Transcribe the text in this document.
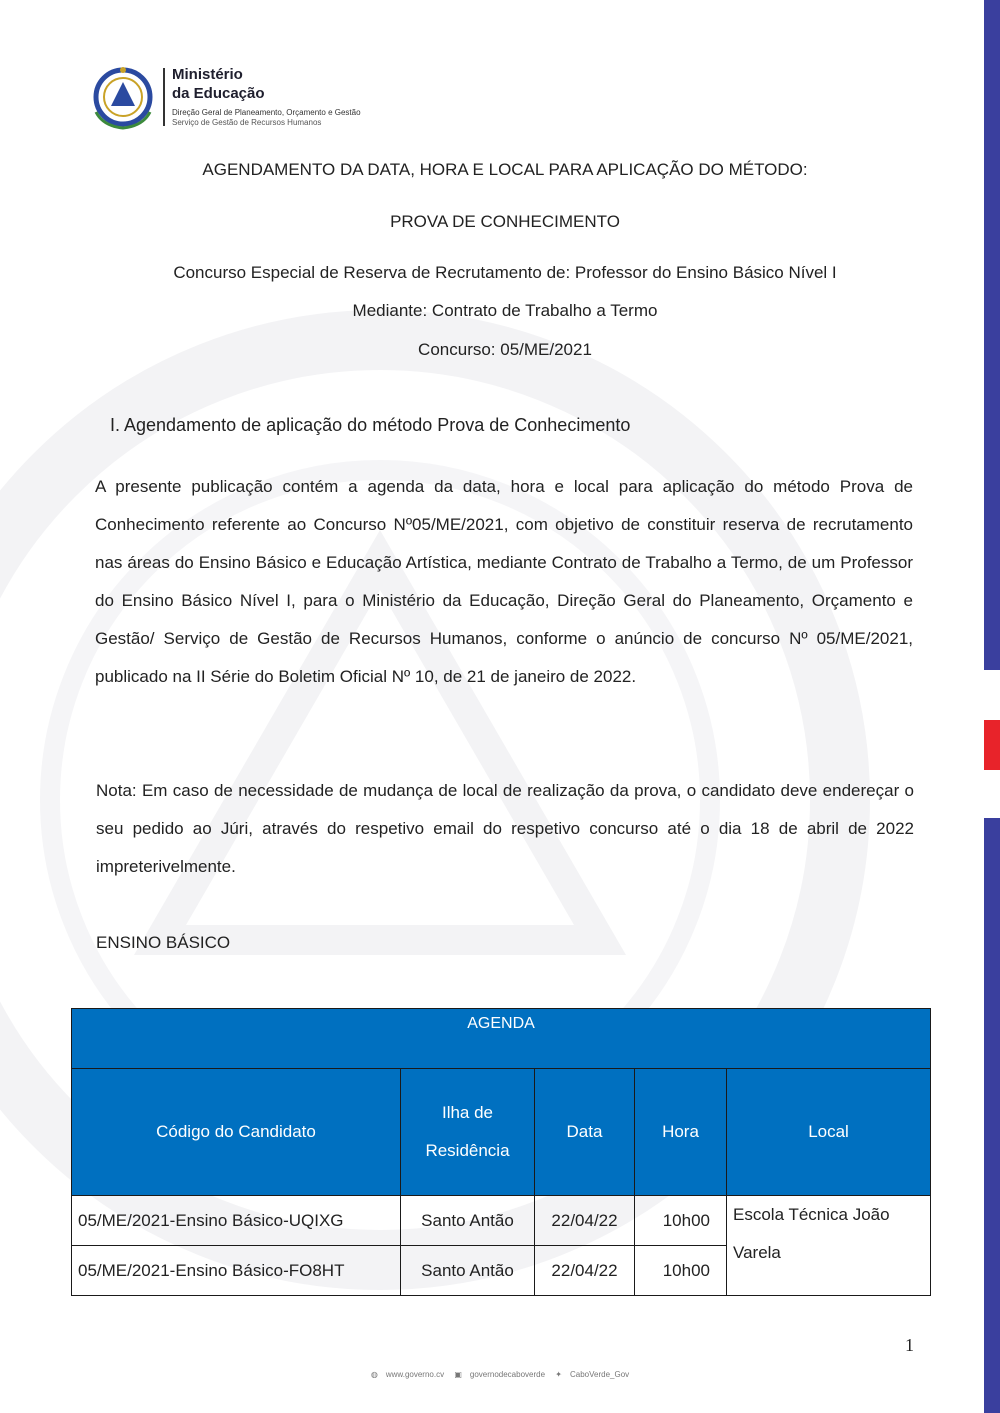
Ministério
da Educação
Direção Geral de Planeamento, Orçamento e Gestão
Serviço de Gestão de Recursos Humanos
AGENDAMENTO DA DATA, HORA E LOCAL PARA APLICAÇÃO DO MÉTODO:
PROVA DE CONHECIMENTO
Concurso Especial de Reserva de Recrutamento de: Professor do Ensino Básico Nível I
Mediante: Contrato de Trabalho a Termo
Concurso: 05/ME/2021
I. Agendamento de aplicação do método Prova de Conhecimento
A presente publicação contém a agenda da data, hora e local para aplicação do método Prova de Conhecimento referente ao Concurso Nº05/ME/2021, com objetivo de constituir reserva de recrutamento nas áreas do Ensino Básico e Educação Artística, mediante Contrato de Trabalho a Termo, de um Professor do Ensino Básico Nível I, para o Ministério da Educação, Direção Geral do Planeamento, Orçamento e Gestão/ Serviço de Gestão de Recursos Humanos, conforme o anúncio de concurso Nº 05/ME/2021, publicado na II Série do Boletim Oficial Nº 10, de 21 de janeiro de 2022.
Nota: Em caso de necessidade de mudança de local de realização da prova, o candidato deve endereçar o seu pedido ao Júri, através do respetivo email do respetivo concurso até o dia 18 de abril de 2022 impreterivelmente.
ENSINO BÁSICO
AGENDA				
Código do Candidato	Ilha de Residência	Data	Hora	Local
05/ME/2021-Ensino Básico-UQIXG	Santo Antão	22/04/22	10h00	Escola Técnica João Varela
05/ME/2021-Ensino Básico-FO8HT	Santo Antão	22/04/22	10h00	
1
◍ www.governo.cv ▣ governodecaboverde ✦ CaboVerde_Gov
